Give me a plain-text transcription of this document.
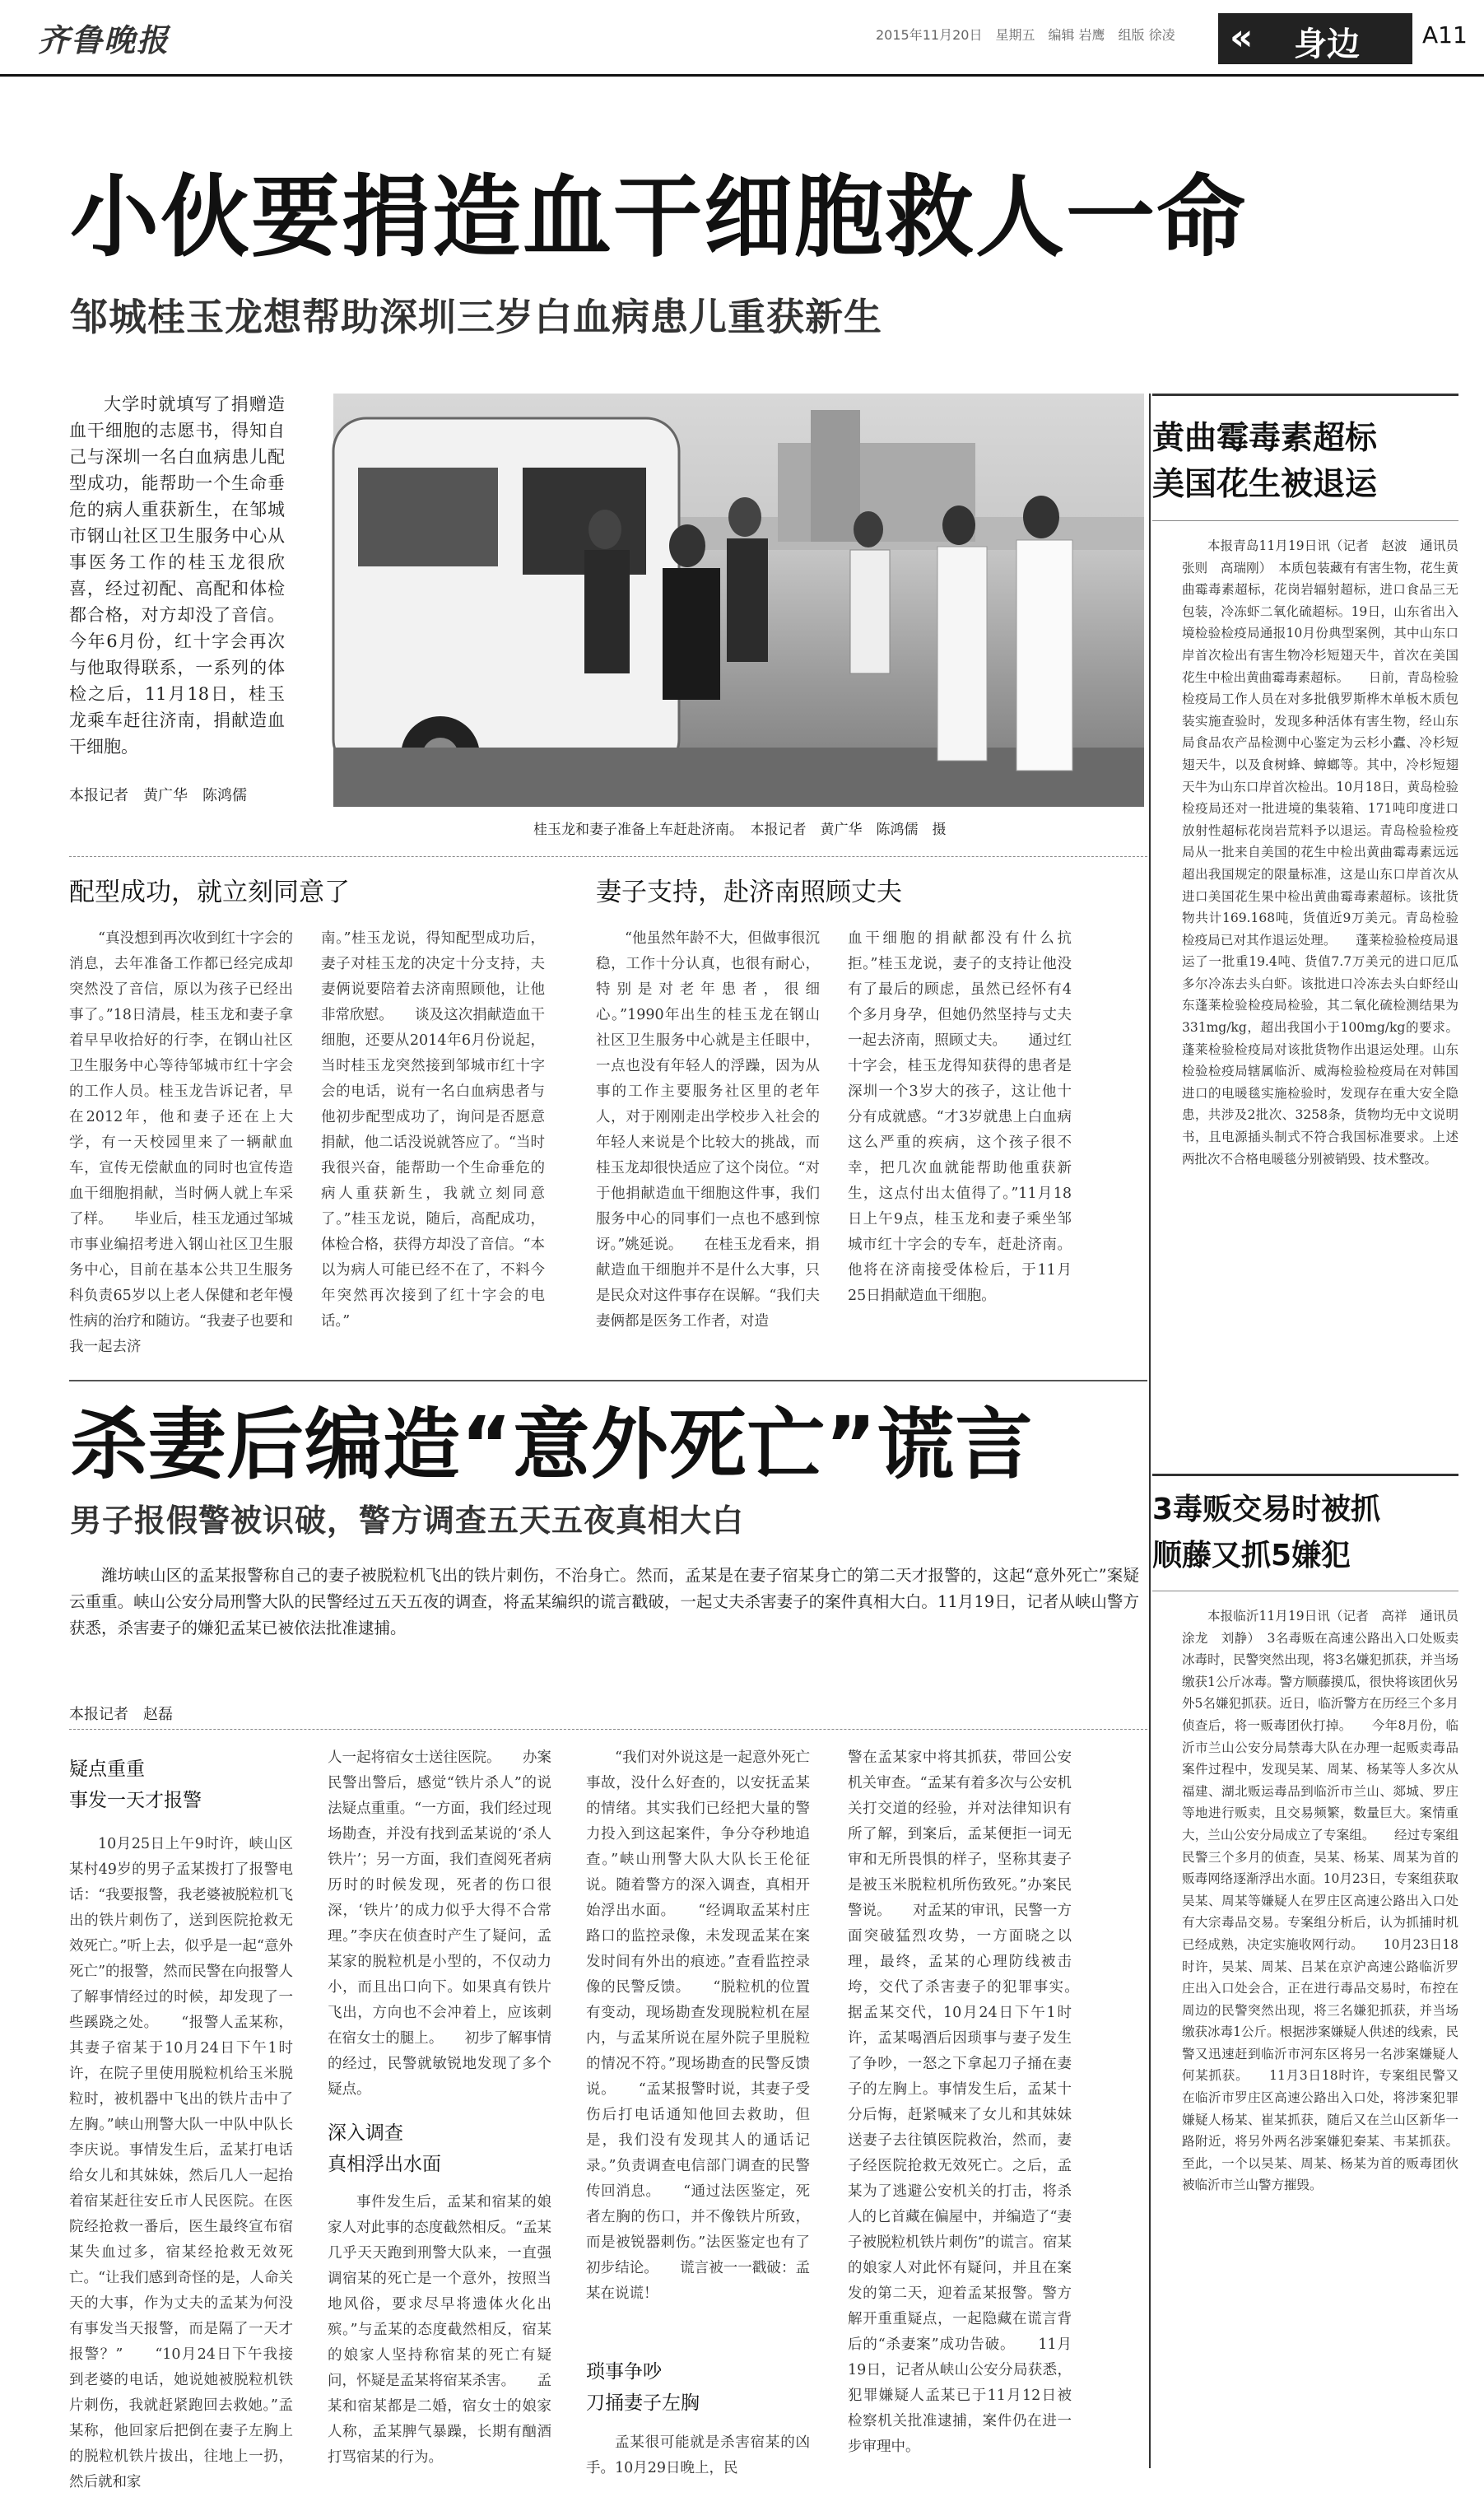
齐鲁晚报	2015年11月20日　星期五　编辑 岩鹰　组版 徐凌 « 身边	A11
小伙要捐造血干细胞救人一命
邹城桂玉龙想帮助深圳三岁白血病患儿重获新生

大学时就填写了捐赠造血干细胞的志愿书，得知自己与深圳一名白血病患儿配型成功，能帮助一个生命垂危的病人重获新生，在邹城市钢山社区卫生服务中心从事医务工作的桂玉龙很欣喜，经过初配、高配和体检都合格，对方却没了音信。今年6月份，红十字会再次与他取得联系，一系列的体检之后，11月18日，桂玉龙乘车赶往济南，捐献造血干细胞。

本报记者　黄广华　陈鸿儒
桂玉龙和妻子准备上车赶赴济南。　本报记者　黄广华　陈鸿儒　摄
配型成功，就立刻同意了

“真没想到再次收到红十字会的消息，去年准备工作都已经完成却突然没了音信，原以为孩子已经出事了。”18日清晨，桂玉龙和妻子拿着早早收拾好的行李，在钢山社区卫生服务中心等待邹城市红十字会的工作人员。桂玉龙告诉记者，早在2012年，他和妻子还在上大学，有一天校园里来了一辆献血车，宣传无偿献血的同时也宣传造血干细胞捐献，当时俩人就上车采了样。　　毕业后，桂玉龙通过邹城市事业编招考进入钢山社区卫生服务中心，目前在基本公共卫生服务科负责65岁以上老人保健和老年慢性病的治疗和随访。“我妻子也要和我一起去济

南。”桂玉龙说，得知配型成功后，妻子对桂玉龙的决定十分支持，夫妻俩说要陪着去济南照顾他，让他非常欣慰。　　谈及这次捐献造血干细胞，还要从2014年6月份说起，当时桂玉龙突然接到邹城市红十字会的电话，说有一名白血病患者与他初步配型成功了，询问是否愿意捐献，他二话没说就答应了。“当时我很兴奋，能帮助一个生命垂危的病人重获新生，我就立刻同意了。”桂玉龙说，随后，高配成功，体检合格，获得方却没了音信。“本以为病人可能已经不在了，不料今年突然再次接到了红十字会的电话。”

妻子支持，赴济南照顾丈夫

“他虽然年龄不大，但做事很沉稳，工作十分认真，也很有耐心，特别是对老年患者，很细心。”1990年出生的桂玉龙在钢山社区卫生服务中心就是主任眼中，一点也没有年轻人的浮躁，因为从事的工作主要服务社区里的老年人，对于刚刚走出学校步入社会的年轻人来说是个比较大的挑战，而桂玉龙却很快适应了这个岗位。“对于他捐献造血干细胞这件事，我们服务中心的同事们一点也不感到惊讶。”姚延说。　　在桂玉龙看来，捐献造血干细胞并不是什么大事，只是民众对这件事存在误解。“我们夫妻俩都是医务工作者，对造

血干细胞的捐献都没有什么抗拒。”桂玉龙说，妻子的支持让他没有了最后的顾虑，虽然已经怀有4个多月身孕，但她仍然坚持与丈夫一起去济南，照顾丈夫。　　通过红十字会，桂玉龙得知获得的患者是深圳一个3岁大的孩子，这让他十分有成就感。“才3岁就患上白血病这么严重的疾病，这个孩子很不幸，把几次血就能帮助他重获新生，这点付出太值得了。”11月18日上午9点，桂玉龙和妻子乘坐邹城市红十字会的专车，赶赴济南。他将在济南接受体检后，于11月25日捐献造血干细胞。

黄曲霉毒素超标
美国花生被退运

本报青岛11月19日讯（记者　赵波　通讯员　张则　高瑞刚）　本质包装藏有有害生物，花生黄曲霉毒素超标，花岗岩辐射超标，进口食品三无包装，冷冻虾二氧化硫超标。19日，山东省出入境检验检疫局通报10月份典型案例，其中山东口岸首次检出有害生物冷杉短翅天牛，首次在美国花生中检出黄曲霉毒素超标。　　日前，青岛检验检疫局工作人员在对多批俄罗斯桦木单板木质包装实施查验时，发现多种活体有害生物，经山东局食品农产品检测中心鉴定为云杉小蠹、冷杉短翅天牛，以及食树蜂、蟑螂等。其中，冷杉短翅天牛为山东口岸首次检出。10月18日，黄岛检验检疫局还对一批进境的集装箱、171吨印度进口放射性超标花岗岩荒料予以退运。青岛检验检疫局从一批来自美国的花生中检出黄曲霉毒素远远超出我国规定的限量标准，这是山东口岸首次从进口美国花生果中检出黄曲霉毒素超标。该批货物共计169.168吨，货值近9万美元。青岛检验检疫局已对其作退运处理。　　蓬莱检验检疫局退运了一批重19.4吨、货值7.7万美元的进口厄瓜多尔冷冻去头白虾。该批进口冷冻去头白虾经山东蓬莱检验检疫局检验，其二氧化硫检测结果为331mg/kg，超出我国小于100mg/kg的要求。蓬莱检验检疫局对该批货物作出退运处理。山东检验检疫局辖属临沂、威海检验检疫局在对韩国进口的电暖毯实施检验时，发现存在重大安全隐患，共涉及2批次、3258条，货物均无中文说明书，且电源插头制式不符合我国标准要求。上述两批次不合格电暖毯分别被销毁、技术整改。

杀妻后编造“意外死亡”谎言
男子报假警被识破，警方调查五天五夜真相大白

潍坊峡山区的孟某报警称自己的妻子被脱粒机飞出的铁片刺伤，不治身亡。然而，孟某是在妻子宿某身亡的第二天才报警的，这起“意外死亡”案疑云重重。峡山公安分局刑警大队的民警经过五天五夜的调查，将孟某编织的谎言戳破，一起丈夫杀害妻子的案件真相大白。11月19日，记者从峡山警方获悉，杀害妻子的嫌犯孟某已被依法批准逮捕。

本报记者　赵磊
疑点重重
事发一天才报警

10月25日上午9时许，峡山区某村49岁的男子孟某拨打了报警电话：“我要报警，我老婆被脱粒机飞出的铁片刺伤了，送到医院抢救无效死亡。”听上去，似乎是一起“意外死亡”的报警，然而民警在向报警人了解事情经过的时候，却发现了一些蹊跷之处。　　“报警人孟某称，其妻子宿某于10月24日下午1时许，在院子里使用脱粒机给玉米脱粒时，被机器中飞出的铁片击中了左胸。”峡山刑警大队一中队中队长李庆说。事情发生后，孟某打电话给女儿和其妹妹，然后几人一起抬着宿某赶往安丘市人民医院。在医院经抢救一番后，医生最终宣布宿某失血过多，宿某经抢救无效死亡。“让我们感到奇怪的是，人命关天的大事，作为丈夫的孟某为何没有事发当天报警，而是隔了一天才报警？”　　“10月24日下午我接到老婆的电话，她说她被脱粒机铁片刺伤，我就赶紧跑回去救她。”孟某称，他回家后把倒在妻子左胸上的脱粒机铁片拔出，往地上一扔，然后就和家

人一起将宿女士送往医院。　　办案民警出警后，感觉“铁片杀人”的说法疑点重重。“一方面，我们经过现场勘查，并没有找到孟某说的‘杀人铁片’；另一方面，我们查阅死者病历时的时候发现，死者的伤口很深，‘铁片’的成力似乎大得不合常理。”李庆在侦查时产生了疑问，孟某家的脱粒机是小型的，不仅动力小，而且出口向下。如果真有铁片飞出，方向也不会冲着上，应该刺在宿女士的腿上。　　初步了解事情的经过，民警就敏锐地发现了多个疑点。

深入调查
真相浮出水面

事件发生后，孟某和宿某的娘家人对此事的态度截然相反。“孟某几乎天天跑到刑警大队来，一直强调宿某的死亡是一个意外，按照当地风俗，要求尽早将遗体火化出殡。”与孟某的态度截然相反，宿某的娘家人坚持称宿某的死亡有疑问，怀疑是孟某将宿某杀害。　　孟某和宿某都是二婚，宿女士的娘家人称，孟某脾气暴躁，长期有酗酒打骂宿某的行为。

“我们对外说这是一起意外死亡事故，没什么好查的，以安抚孟某的情绪。其实我们已经把大量的警力投入到这起案件，争分夺秒地追查。”峡山刑警大队大队长王伦征说。随着警方的深入调查，真相开始浮出水面。　　“经调取孟某村庄路口的监控录像，未发现孟某在案发时间有外出的痕迹。”查看监控录像的民警反馈。　　“脱粒机的位置有变动，现场勘查发现脱粒机在屋内，与孟某所说在屋外院子里脱粒的情况不符。”现场勘查的民警反馈说。　　“孟某报警时说，其妻子受伤后打电话通知他回去救助，但是，我们没有发现其人的通话记录。”负责调查电信部门调查的民警传回消息。　　“通过法医鉴定，死者左胸的伤口，并不像铁片所致，而是被锐器刺伤。”法医鉴定也有了初步结论。　　谎言被一一戳破：孟某在说谎！

琐事争吵
刀捅妻子左胸

孟某很可能就是杀害宿某的凶手。10月29日晚上，民

警在孟某家中将其抓获，带回公安机关审查。“孟某有着多次与公安机关打交道的经验，并对法律知识有所了解，到案后，孟某便拒一词无审和无所畏惧的样子，坚称其妻子是被玉米脱粒机所伤致死。”办案民警说。　　对孟某的审讯，民警一方面突破猛烈攻势，一方面晓之以理，最终，孟某的心理防线被击垮，交代了杀害妻子的犯罪事实。　　据孟某交代，10月24日下午1时许，孟某喝酒后因琐事与妻子发生了争吵，一怒之下拿起刀子捅在妻子的左胸上。事情发生后，孟某十分后悔，赶紧喊来了女儿和其妹妹送妻子去往镇医院救治，然而，妻子经医院抢救无效死亡。之后，孟某为了逃避公安机关的打击，将杀人的匕首藏在偏屋中，并编造了“妻子被脱粒机铁片刺伤”的谎言。宿某的娘家人对此怀有疑问，并且在案发的第二天，迎着孟某报警。警方解开重重疑点，一起隐藏在谎言背后的“杀妻案”成功告破。　　11月19日，记者从峡山公安分局获悉，犯罪嫌疑人孟某已于11月12日被检察机关批准逮捕，案件仍在进一步审理中。

3毒贩交易时被抓
顺藤又抓5嫌犯

本报临沂11月19日讯（记者　高祥　通讯员　涂龙　刘静）　3名毒贩在高速公路出入口处贩卖冰毒时，民警突然出现，将3名嫌犯抓获，并当场缴获1公斤冰毒。警方顺藤摸瓜，很快将该团伙另外5名嫌犯抓获。近日，临沂警方在历经三个多月侦查后，将一贩毒团伙打掉。　　今年8月份，临沂市兰山公安分局禁毒大队在办理一起贩卖毒品案件过程中，发现吴某、周某、杨某等人多次从福建、湖北贩运毒品到临沂市兰山、郯城、罗庄等地进行贩卖，且交易频繁，数量巨大。案情重大，兰山公安分局成立了专案组。　　经过专案组民警三个多月的侦查，吴某、杨某、周某为首的贩毒网络逐渐浮出水面。10月23日，专案组获取吴某、周某等嫌疑人在罗庄区高速公路出入口处有大宗毒品交易。专案组分析后，认为抓捕时机已经成熟，决定实施收网行动。　　10月23日18时许，吴某、周某、吕某在京沪高速公路临沂罗庄出入口处会合，正在进行毒品交易时，布控在周边的民警突然出现，将三名嫌犯抓获，并当场缴获冰毒1公斤。根据涉案嫌疑人供述的线索，民警又迅速赶到临沂市河东区将另一名涉案嫌疑人何某抓获。　　11月3日18时许，专案组民警又在临沂市罗庄区高速公路出入口处，将涉案犯罪嫌疑人杨某、崔某抓获，随后又在兰山区新华一路附近，将另外两名涉案嫌犯秦某、韦某抓获。至此，一个以吴某、周某、杨某为首的贩毒团伙被临沂市兰山警方摧毁。
